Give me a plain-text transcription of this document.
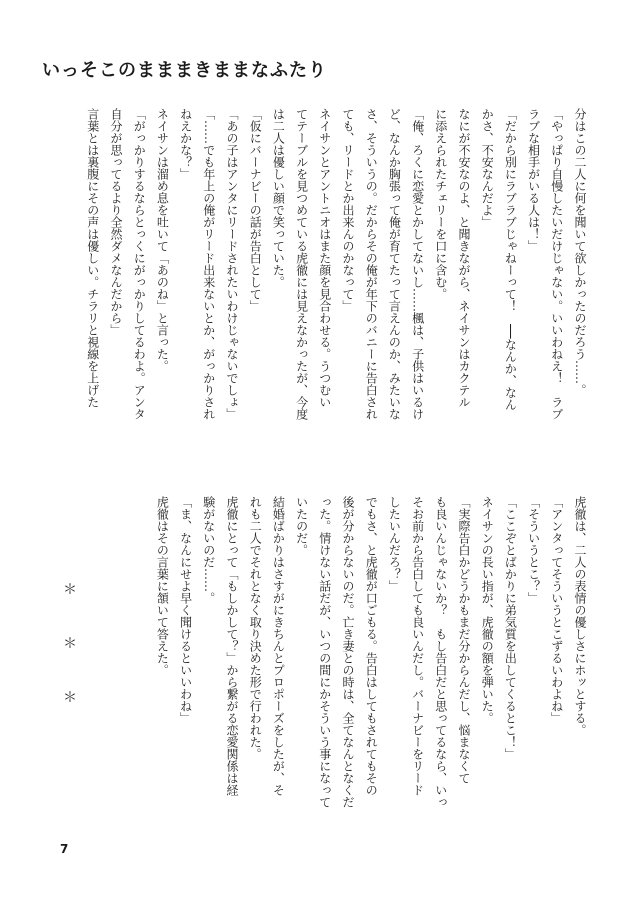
いっそこのまままきままなふたり
分はこの二人に何を聞いて欲しかったのだろう……。
「やっぱり自慢したいだけじゃない。いいわねえ！　ラブ
ラブな相手がいる人は！」
「だから別にラブラブじゃねーって！　──なんか、なん
かさ、不安なんだよ」
なにが不安なのよ、と聞きながら、ネイサンはカクテル
に添えられたチェリーを口に含む。
「俺、ろくに恋愛とかしてないし……楓は、子供はいるけ
ど、なんか胸張って俺が育てたって言えんのか、みたいな
さ、そういうの。だからその俺が年下のバニーに告白され
ても、リードとか出来んのかなって」
ネイサンとアントニオはまた顔を見合わせる。うつむい
てテーブルを見つめている虎徹には見えなかったが、今度
は二人は優しい顔で笑っていた。
「仮にバーナビーの話が告白として」
「あの子はアンタにリードされたいわけじゃないでしょ」
「……でも年上の俺がリード出来ないとか、がっかりされ
ねえかな？」
ネイサンは溜め息を吐いて「あのね」と言った。
「がっかりするならとっくにがっかりしてるわよ。アンタ
自分が思ってるより全然ダメなんだから」
言葉とは裏腹にその声は優しい。チラリと視線を上げた
虎徹は、二人の表情の優しさにホッとする。
「アンタってそういうとこずるいわよね」
「そういうとこ？」
「ここぞとばかりに弟気質を出してくるとこ！」
ネイサンの長い指が、虎徹の額を弾いた。
「実際告白かどうかもまだ分からんだし、悩まなくて
も良いんじゃないか？　もし告白だと思ってるなら、いっ
そお前から告白しても良いんだし。バーナビーをリード
したいんだろ？」
でもさ、と虎徹が口ごもる。告白はしてもされてもその
後が分からないのだ。亡き妻との時は、全てなんとなくだ
った。情けない話だが、いつの間にかそういう事になって
いたのだ。
結婚ばかりはさすがにきちんとプロポーズをしたが、そ
れも二人でそれとなく取り決めた形で行われた。
虎徹にとって「もしかして？」から繋がる恋愛関係は経
験がないのだ……。
「ま、なんにせよ早く聞けるといいわね」
虎徹はその言葉に頷いて答えた。
＊＊＊
7
